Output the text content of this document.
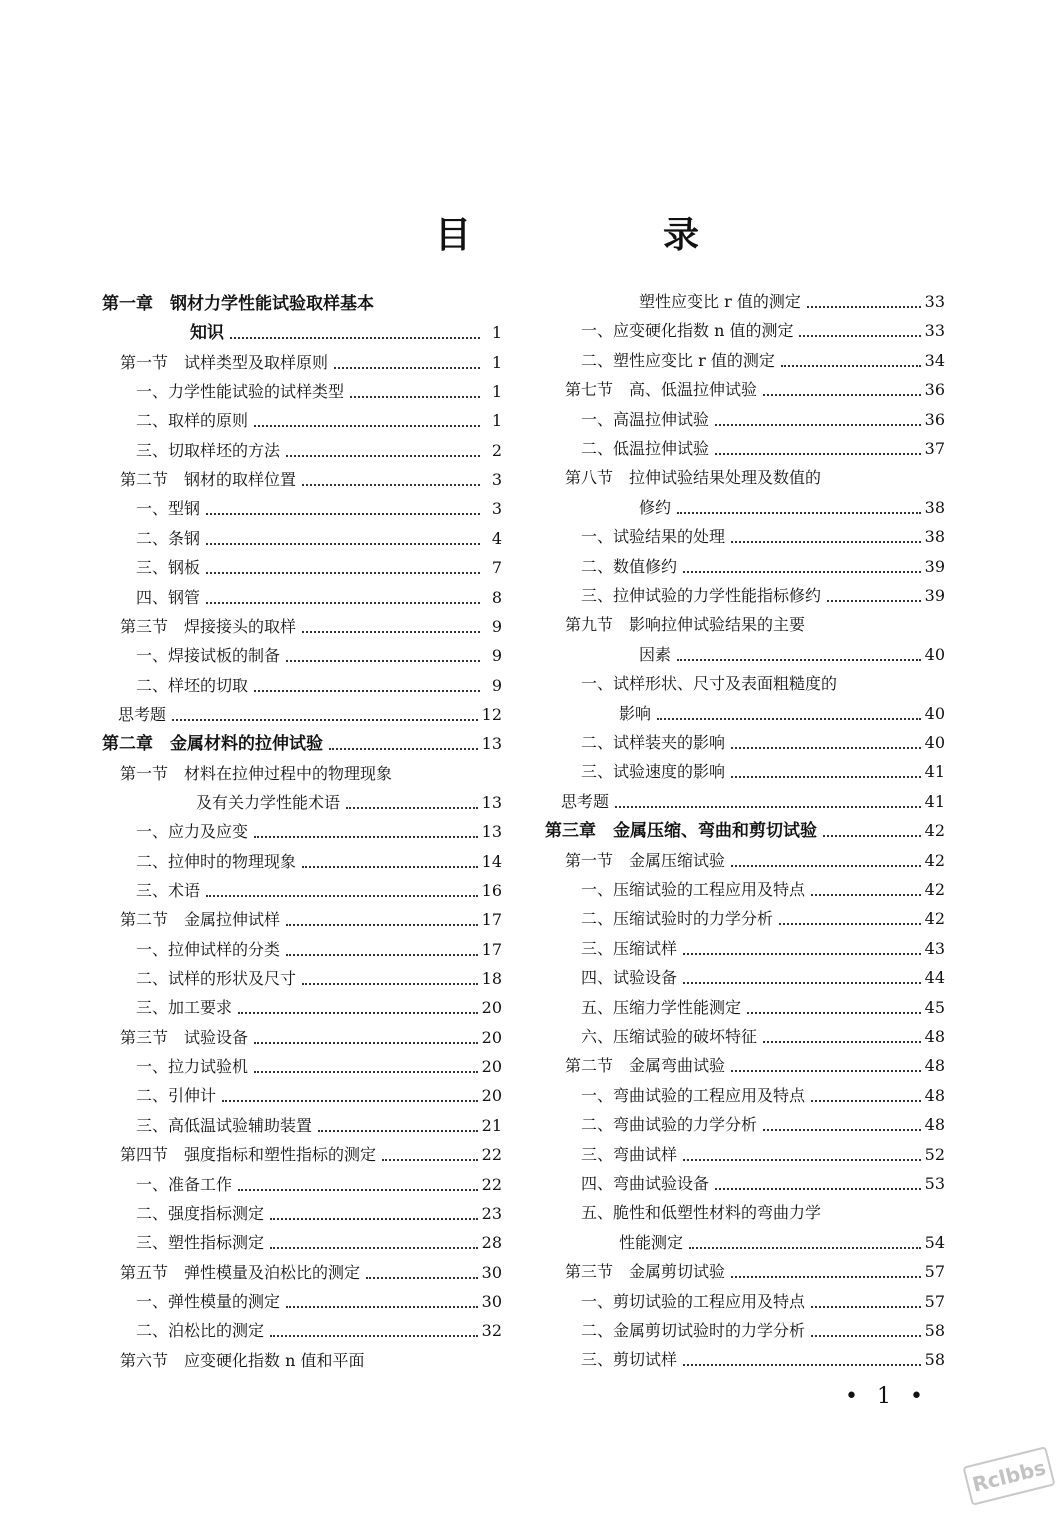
目　录
第一章　钢材力学性能试验取样基本
知识	1
第一节　试样类型及取样原则	1
一、力学性能试验的试样类型	1
二、取样的原则	1
三、切取样坯的方法	2
第二节　钢材的取样位置	3
一、型钢	3
二、条钢	4
三、钢板	7
四、钢管	8
第三节　焊接接头的取样	9
一、焊接试板的制备	9
二、样坯的切取	9
思考题	12
第二章　金属材料的拉伸试验	13
第一节　材料在拉伸过程中的物理现象
及有关力学性能术语	13
一、应力及应变	13
二、拉伸时的物理现象	14
三、术语	16
第二节　金属拉伸试样	17
一、拉伸试样的分类	17
二、试样的形状及尺寸	18
三、加工要求	20
第三节　试验设备	20
一、拉力试验机	20
二、引伸计	20
三、高低温试验辅助装置	21
第四节　强度指标和塑性指标的测定	22
一、准备工作	22
二、强度指标测定	23
三、塑性指标测定	28
第五节　弹性模量及泊松比的测定	30
一、弹性模量的测定	30
二、泊松比的测定	32
第六节　应变硬化指数 n 值和平面
塑性应变比 r 值的测定	33
一、应变硬化指数 n 值的测定	33
二、塑性应变比 r 值的测定	34
第七节　高、低温拉伸试验	36
一、高温拉伸试验	36
二、低温拉伸试验	37
第八节　拉伸试验结果处理及数值的
修约	38
一、试验结果的处理	38
二、数值修约	39
三、拉伸试验的力学性能指标修约	39
第九节　影响拉伸试验结果的主要
因素	40
一、试样形状、尺寸及表面粗糙度的
影响	40
二、试样装夹的影响	40
三、试验速度的影响	41
思考题	41
第三章　金属压缩、弯曲和剪切试验	42
第一节　金属压缩试验	42
一、压缩试验的工程应用及特点	42
二、压缩试验时的力学分析	42
三、压缩试样	43
四、试验设备	44
五、压缩力学性能测定	45
六、压缩试验的破坏特征	48
第二节　金属弯曲试验	48
一、弯曲试验的工程应用及特点	48
二、弯曲试验的力学分析	48
三、弯曲试样	52
四、弯曲试验设备	53
五、脆性和低塑性材料的弯曲力学
性能测定	54
第三节　金属剪切试验	57
一、剪切试验的工程应用及特点	57
二、金属剪切试验时的力学分析	58
三、剪切试样	58
• 1 •
Rclbbs
